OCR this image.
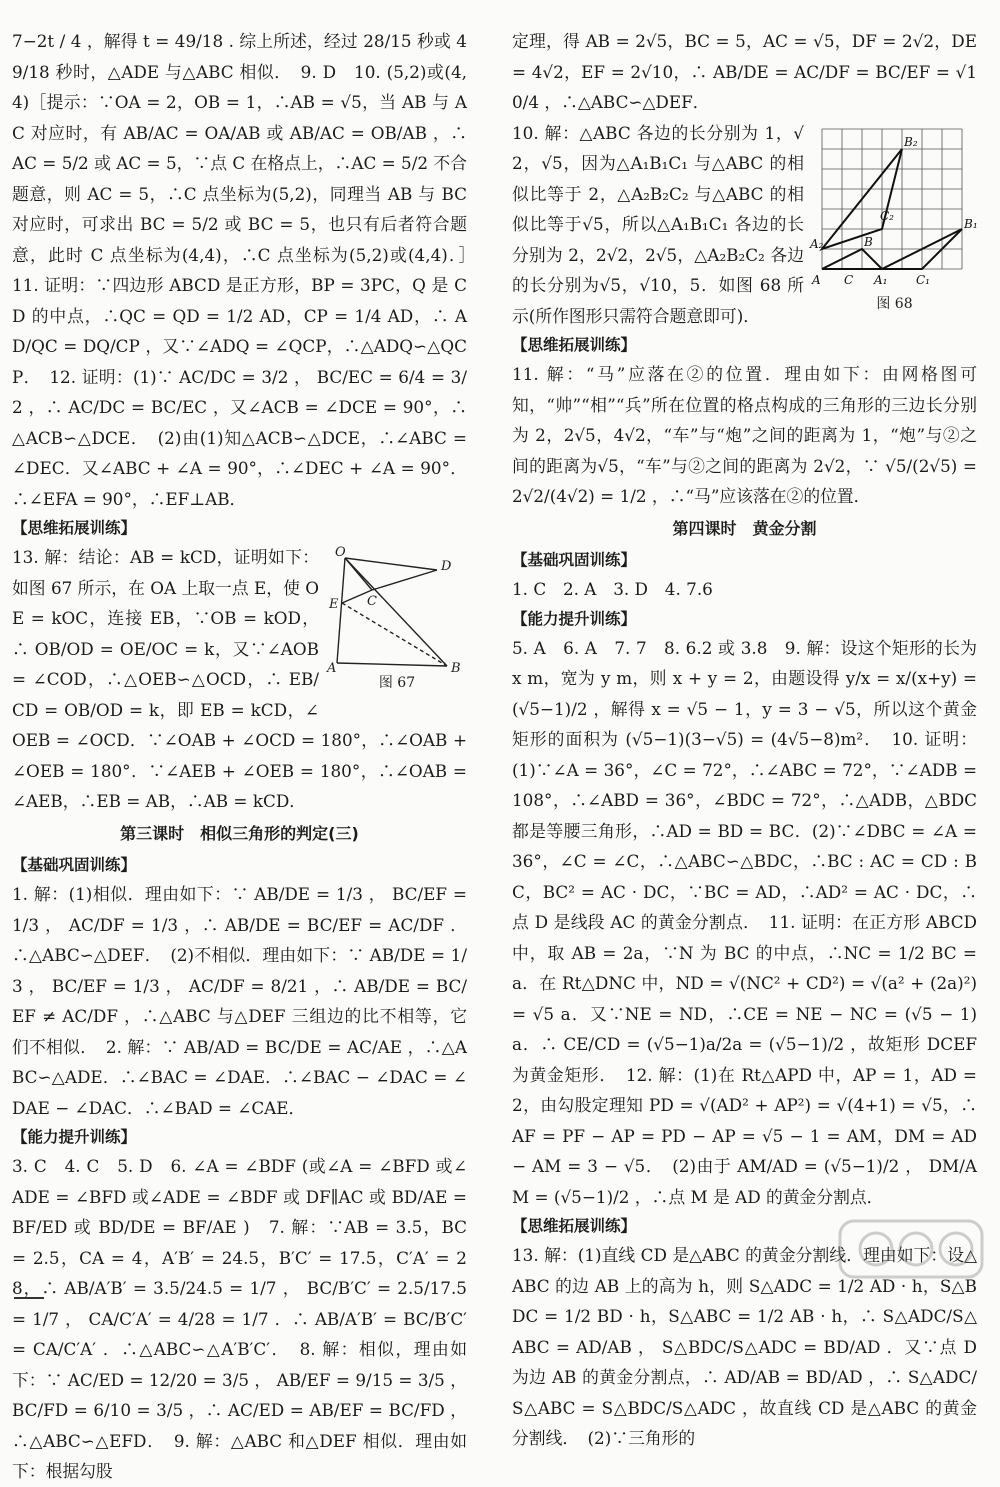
7−2t / 4 ，解得 t = 49/18 . 综上所述，经过 28/15 秒或 49/18 秒时，△ADE 与△ABC 相似．　9. D　10. (5,2)或(4,4)［提示：∵OA = 2，OB = 1，∴AB = √5，当 AB 与 AC 对应时，有 AB/AC = OA/AB 或 AB/AC = OB/AB ，∴AC = 5/2 或 AC = 5，∵点 C 在格点上，∴AC = 5/2 不合题意，则 AC = 5，∴C 点坐标为(5,2)，同理当 AB 与 BC 对应时，可求出 BC = 5/2 或 BC = 5，也只有后者符合题意，此时 C 点坐标为(4,4)，∴C 点坐标为(5,2)或(4,4)．］　11. 证明：∵四边形 ABCD 是正方形，BP = 3PC，Q 是 CD 的中点，∴QC = QD = 1/2 AD，CP = 1/4 AD，∴ AD/QC = DQ/CP ，又∵∠ADQ = ∠QCP，∴△ADQ∽△QCP．　12. 证明：(1)∵ AC/DC = 3/2 ， BC/EC = 6/4 = 3/2 ，∴ AC/DC = BC/EC ，又∠ACB = ∠DCE = 90°，∴△ACB∽△DCE．　(2)由(1)知△ACB∽△DCE，∴∠ABC = ∠DEC．又∠ABC + ∠A = 90°，∴∠DEC + ∠A = 90°．∴∠EFA = 90°，∴EF⊥AB．

【思维拓展训练】

O
D
C
E
A	B
图 67

13. 解：结论：AB = kCD，证明如下：如图 67 所示，在 OA 上取一点 E，使 OE = kOC，连接 EB，∵OB = kOD，∴ OB/OD = OE/OC = k，又∵∠AOB = ∠COD，∴△OEB∽△OCD，∴ EB/CD = OB/OD = k，即 EB = kCD，∠OEB = ∠OCD．∵∠OAB + ∠OCD = 180°，∴∠OAB + ∠OEB = 180°．∵∠AEB + ∠OEB = 180°，∴∠OAB = ∠AEB，∴EB = AB，∴AB = kCD．

第三课时　相似三角形的判定(三)

【基础巩固训练】

1. 解：(1)相似．理由如下：∵ AB/DE = 1/3 ， BC/EF = 1/3 ， AC/DF = 1/3 ，∴ AB/DE = BC/EF = AC/DF ．∴△ABC∽△DEF．　(2)不相似．理由如下：∵ AB/DE = 1/3 ， BC/EF = 1/3 ， AC/DF = 8/21 ，∴ AB/DE = BC/EF ≠ AC/DF ，∴△ABC 与△DEF 三组边的比不相等，它们不相似．　2. 解：∵ AB/AD = BC/DE = AC/AE ，∴△ABC∽△ADE．∴∠BAC = ∠DAE．∴∠BAC − ∠DAC = ∠DAE − ∠DAC．∴∠BAD = ∠CAE．

【能力提升训练】

3. C　4. C　5. D　6. ∠A = ∠BDF (或∠A = ∠BFD 或∠ADE = ∠BFD 或∠ADE = ∠BDF 或 DF∥AC 或 BD/AE = BF/ED 或 BD/DE = BF/AE )　7. 解：∵AB = 3.5，BC = 2.5，CA = 4，A′B′ = 24.5，B′C′ = 17.5，C′A′ = 28，∴ AB/A′B′ = 3.5/24.5 = 1/7 ， BC/B′C′ = 2.5/17.5 = 1/7 ， CA/C′A′ = 4/28 = 1/7 ．∴ AB/A′B′ = BC/B′C′ = CA/C′A′ ．∴△ABC∽△A′B′C′．　8. 解：相似，理由如下：∵ AC/ED = 12/20 = 3/5 ， AB/EF = 9/15 = 3/5 ， BC/FD = 6/10 = 3/5 ，∴ AC/ED = AB/EF = BC/FD ，∴△ABC∽△EFD．　9. 解：△ABC 和△DEF 相似．理由如下：根据勾股

定理，得 AB = 2√5，BC = 5，AC = √5，DF = 2√2，DE = 4√2，EF = 2√10，∴ AB/DE = AC/DF = BC/EF = √10/4 ，∴△ABC∽△DEF．

B₂
C₂
B₁
A₂	B
A C A₁ C₁
图 68

10. 解：△ABC 各边的长分别为 1，√2，√5，因为△A₁B₁C₁ 与△ABC 的相似比等于 2，△A₂B₂C₂ 与△ABC 的相似比等于√5，所以△A₁B₁C₁ 各边的长分别为 2，2√2，2√5，△A₂B₂C₂ 各边的长分别为√5，√10，5．如图 68 所示(所作图形只需符合题意即可)．

【思维拓展训练】

11. 解：“马”应落在②的位置．理由如下：由网格图可知，“帅”“相”“兵”所在位置的格点构成的三角形的三边长分别为 2，2√5，4√2，“车”与“炮”之间的距离为 1，“炮”与②之间的距离为√5，“车”与②之间的距离为 2√2，∵ √5/(2√5) = 2√2/(4√2) = 1/2 ，∴“马”应该落在②的位置．

第四课时　黄金分割

【基础巩固训练】

1. C　2. A　3. D　4. 7.6

【能力提升训练】

5. A　6. A　7. 7　8. 6.2 或 3.8　9. 解：设这个矩形的长为 x m，宽为 y m，则 x + y = 2，由题设得 y/x = x/(x+y) = (√5−1)/2 ，解得 x = √5 − 1，y = 3 − √5，所以这个黄金矩形的面积为 (√5−1)(3−√5) = (4√5−8)m²．　10. 证明：(1)∵∠A = 36°，∠C = 72°，∴∠ABC = 72°，∵∠ADB = 108°，∴∠ABD = 36°，∠BDC = 72°，∴△ADB，△BDC 都是等腰三角形，∴AD = BD = BC．(2)∵∠DBC = ∠A = 36°，∠C = ∠C，∴△ABC∽△BDC，∴BC : AC = CD : BC，BC² = AC · DC，∵BC = AD，∴AD² = AC · DC，∴点 D 是线段 AC 的黄金分割点．　11. 证明：在正方形 ABCD 中，取 AB = 2a，∵N 为 BC 的中点，∴NC = 1/2 BC = a．在 Rt△DNC 中，ND = √(NC² + CD²) = √(a² + (2a)²) = √5 a．又∵NE = ND，∴CE = NE − NC = (√5 − 1)a．∴ CE/CD = (√5−1)a/2a = (√5−1)/2 ，故矩形 DCEF 为黄金矩形．　12. 解：(1)在 Rt△APD 中，AP = 1，AD = 2，由勾股定理知 PD = √(AD² + AP²) = √(4+1) = √5，∴AF = PF − AP = PD − AP = √5 − 1 = AM，DM = AD − AM = 3 − √5．　(2)由于 AM/AD = (√5−1)/2 ， DM/AM = (√5−1)/2 ，∴点 M 是 AD 的黄金分割点．

【思维拓展训练】

13. 解：(1)直线 CD 是△ABC 的黄金分割线．理由如下：设△ABC 的边 AB 上的高为 h，则 S△ADC = 1/2 AD · h，S△BDC = 1/2 BD · h，S△ABC = 1/2 AB · h，∴ S△ADC/S△ABC = AD/AB ， S△BDC/S△ADC = BD/AD ．又∵点 D 为边 AB 的黄金分割点，∴ AD/AB = BD/AD ，∴ S△ADC/S△ABC = S△BDC/S△ADC ，故直线 CD 是△ABC 的黄金分割线．　(2)∵三角形的
